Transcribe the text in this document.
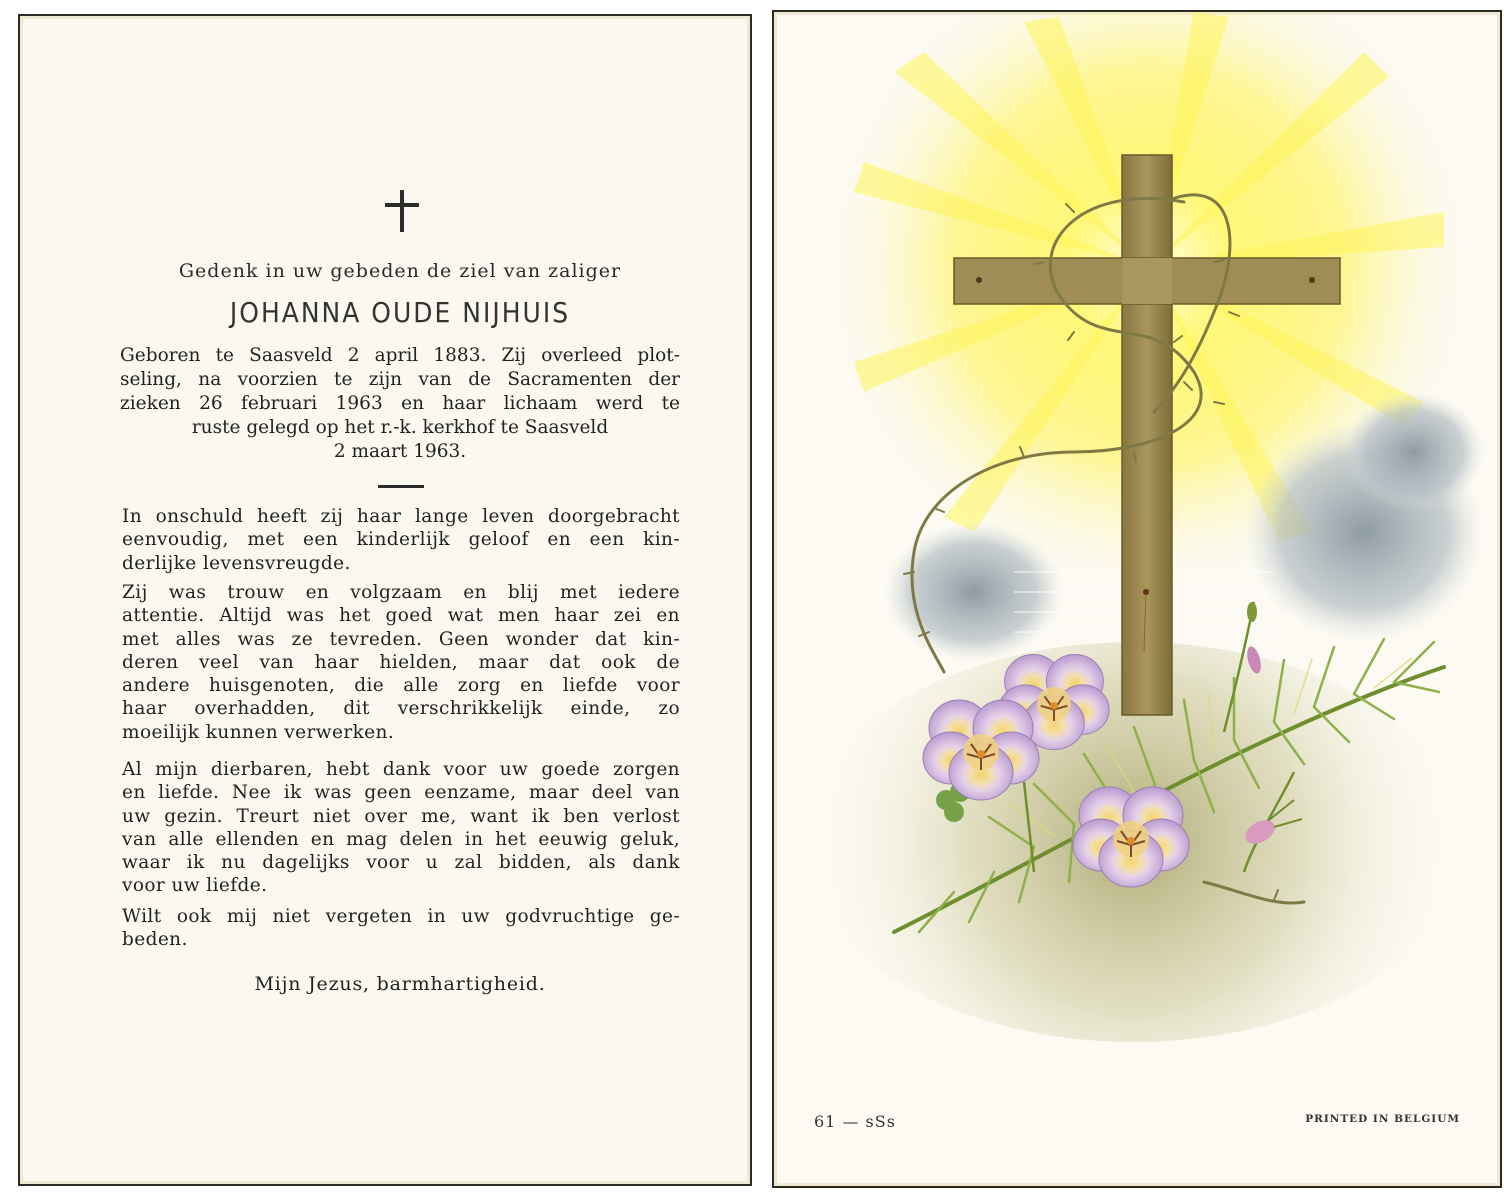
Gedenk in uw gebeden de ziel van zaliger
JOHANNA OUDE NIJHUIS
Geboren te Saasveld 2 april 1883. Zij overleed plot-
seling, na voorzien te zijn van de Sacramenten der
zieken 26 februari 1963 en haar lichaam werd te
ruste gelegd op het r.-k. kerkhof te Saasveld
2 maart 1963.
In onschuld heeft zij haar lange leven doorgebracht
eenvoudig, met een kinderlijk geloof en een kin-
derlijke levensvreugde.
Zij was trouw en volgzaam en blij met iedere
attentie. Altijd was het goed wat men haar zei en
met alles was ze tevreden. Geen wonder dat kin-
deren veel van haar hielden, maar dat ook de
andere huisgenoten, die alle zorg en liefde voor
haar overhadden, dit verschrikkelijk einde, zo
moeilijk kunnen verwerken.
Al mijn dierbaren, hebt dank voor uw goede zorgen
en liefde. Nee ik was geen eenzame, maar deel van
uw gezin. Treurt niet over me, want ik ben verlost
van alle ellenden en mag delen in het eeuwig geluk,
waar ik nu dagelijks voor u zal bidden, als dank
voor uw liefde.
Wilt ook mij niet vergeten in uw godvruchtige ge-
beden.
Mijn Jezus, barmhartigheid.
61 — sSs	PRINTED IN BELGIUM
